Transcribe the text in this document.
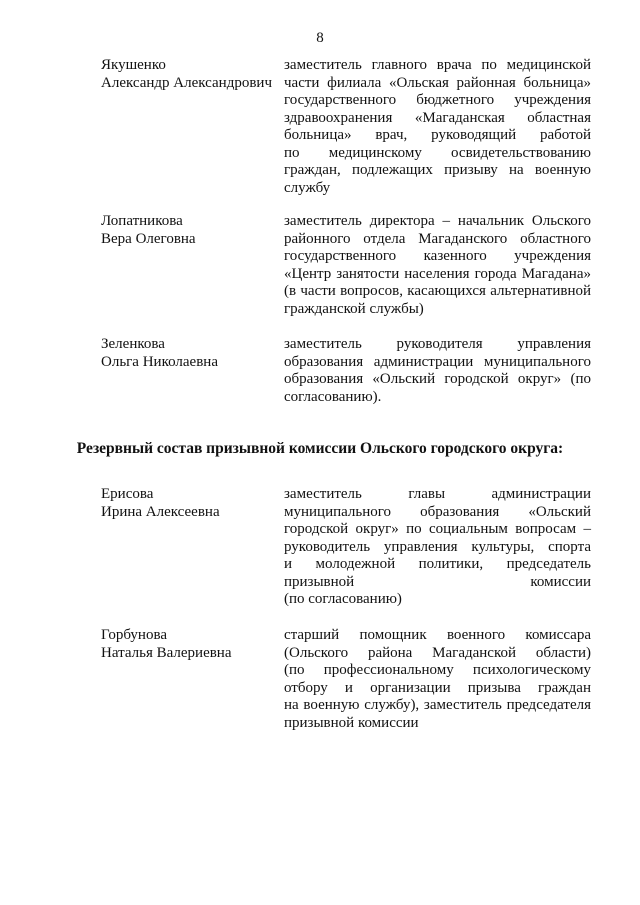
8
Якушенко
Александр Александрович
заместитель главного врача по медицинской
части филиала «Ольская районная больница»
государственного бюджетного учреждения
здравоохранения «Магаданская областная
больница» врач, руководящий работой
по медицинскому освидетельствованию
граждан, подлежащих призыву на военную
службу
Лопатникова
Вера Олеговна
заместитель директора – начальник Ольского
районного отдела Магаданского областного
государственного казенного учреждения
«Центр занятости населения города Магадана»
(в части вопросов, касающихся альтернативной
гражданской службы)
Зеленкова
Ольга Николаевна
заместитель руководителя управления
образования администрации муниципального
образования «Ольский городской округ» (по
согласованию).
Резервный состав призывной комиссии Ольского городского округа:
Ерисова
Ирина Алексеевна
заместитель главы администрации
муниципального образования «Ольский
городской округ» по социальным вопросам –
руководитель управления культуры, спорта
и молодежной политики, председатель
призывной комиссии
(по согласованию)
Горбунова
Наталья Валериевна
старший помощник военного комиссара
(Ольского района Магаданской области)
(по профессиональному психологическому
отбору и организации призыва граждан
на военную службу), заместитель председателя
призывной комиссии
